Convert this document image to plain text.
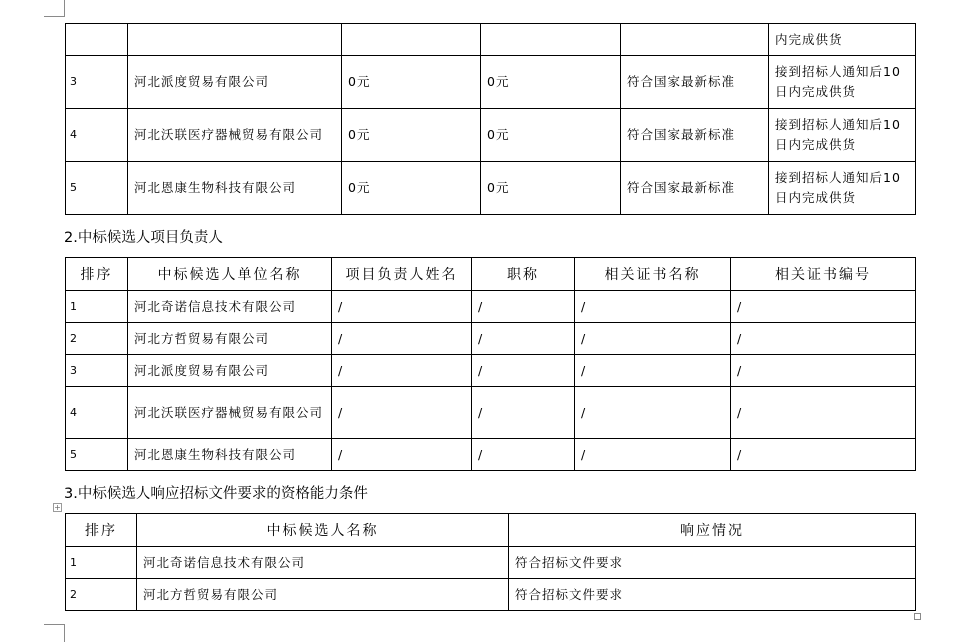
					内完成供货
3	河北派度贸易有限公司	0元	0元	符合国家最新标准	接到招标人通知后10日内完成供货
4	河北沃联医疗器械贸易有限公司	0元	0元	符合国家最新标准	接到招标人通知后10日内完成供货
5	河北恩康生物科技有限公司	0元	0元	符合国家最新标准	接到招标人通知后10日内完成供货
2.中标候选人项目负责人
排序	中标候选人单位名称	项目负责人姓名	职称	相关证书名称	相关证书编号
1	河北奇诺信息技术有限公司	/	/	/	/
2	河北方哲贸易有限公司	/	/	/	/
3	河北派度贸易有限公司	/	/	/	/
4	河北沃联医疗器械贸易有限公司	/	/	/	/
5	河北恩康生物科技有限公司	/	/	/	/
3.中标候选人响应招标文件要求的资格能力条件
+
排序	中标候选人名称	响应情况
1	河北奇诺信息技术有限公司	符合招标文件要求
2	河北方哲贸易有限公司	符合招标文件要求
